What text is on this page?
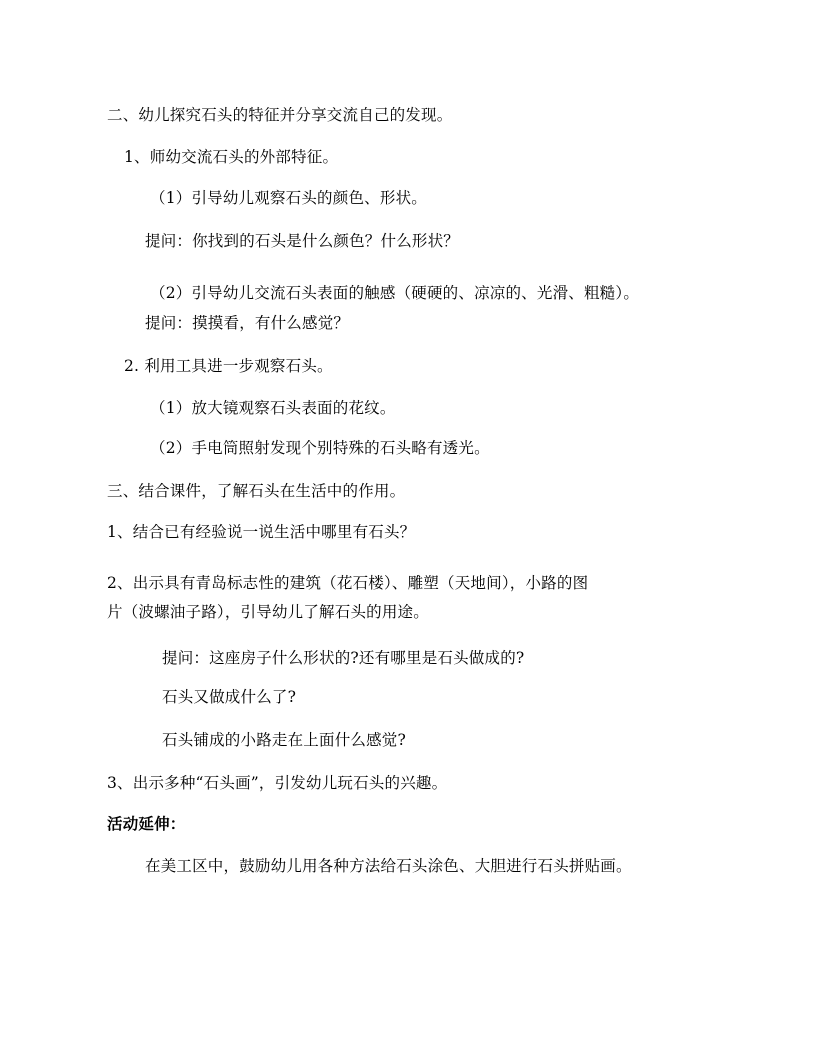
二、幼儿探究石头的特征并分享交流自己的发现。
1、师幼交流石头的外部特征。
（1）引导幼儿观察石头的颜色、形状。
提问：你找到的石头是什么颜色？什么形状？
（2）引导幼儿交流石头表面的触感（硬硬的、凉凉的、光滑、粗糙）。
提问：摸摸看，有什么感觉？
2. 利用工具进一步观察石头。
（1）放大镜观察石头表面的花纹。
（2）手电筒照射发现个别特殊的石头略有透光。
三、结合课件，了解石头在生活中的作用。
1、结合已有经验说一说生活中哪里有石头？
2、出示具有青岛标志性的建筑（花石楼）、雕塑（天地间），小路的图
片（波螺油子路），引导幼儿了解石头的用途。
提问：这座房子什么形状的?还有哪里是石头做成的?
石头又做成什么了?
石头铺成的小路走在上面什么感觉?
3、出示多种“石头画”，引发幼儿玩石头的兴趣。
活动延伸：
在美工区中，鼓励幼儿用各种方法给石头涂色、大胆进行石头拼贴画。
